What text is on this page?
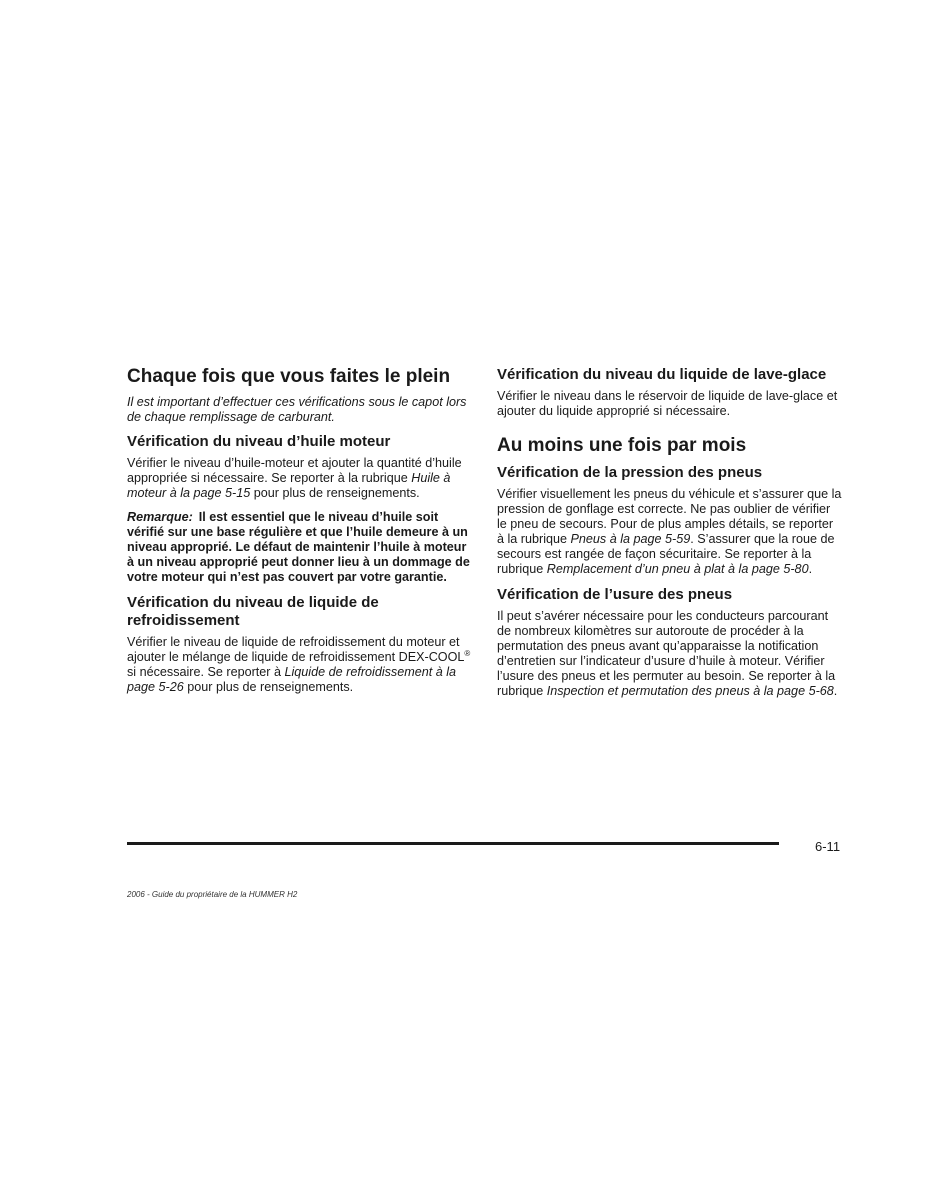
Chaque fois que vous faites le plein

Il est important d’effectuer ces vérifications sous le capot lors de chaque remplissage de carburant.

Vérification du niveau d’huile moteur

Vérifier le niveau d’huile-moteur et ajouter la quantité d’huile appropriée si nécessaire. Se reporter à la rubrique Huile à moteur à la page 5-15 pour plus de renseignements.

Remarque: Il est essentiel que le niveau d’huile soit vérifié sur une base régulière et que l’huile demeure à un niveau approprié. Le défaut de maintenir l’huile à moteur à un niveau approprié peut donner lieu à un dommage de votre moteur qui n’est pas couvert par votre garantie.

Vérification du niveau de liquide de refroidissement

Vérifier le niveau de liquide de refroidissement du moteur et ajouter le mélange de liquide de refroidissement DEX-COOL® si nécessaire. Se reporter à Liquide de refroidissement à la page 5-26 pour plus de renseignements.

Vérification du niveau du liquide de lave-glace

Vérifier le niveau dans le réservoir de liquide de lave-glace et ajouter du liquide approprié si nécessaire.

Au moins une fois par mois
Vérification de la pression des pneus

Vérifier visuellement les pneus du véhicule et s’assurer que la pression de gonflage est correcte. Ne pas oublier de vérifier le pneu de secours. Pour de plus amples détails, se reporter à la rubrique Pneus à la page 5-59. S’assurer que la roue de secours est rangée de façon sécuritaire. Se reporter à la rubrique Remplacement d’un pneu à plat à la page 5-80.

Vérification de l’usure des pneus

Il peut s’avérer nécessaire pour les conducteurs parcourant de nombreux kilomètres sur autoroute de procéder à la permutation des pneus avant qu’apparaisse la notification d’entretien sur l’indicateur d’usure d’huile à moteur. Vérifier l’usure des pneus et les permuter au besoin. Se reporter à la rubrique Inspection et permutation des pneus à la page 5-68.

6-11
2006 - Guide du propriétaire de la HUMMER H2
